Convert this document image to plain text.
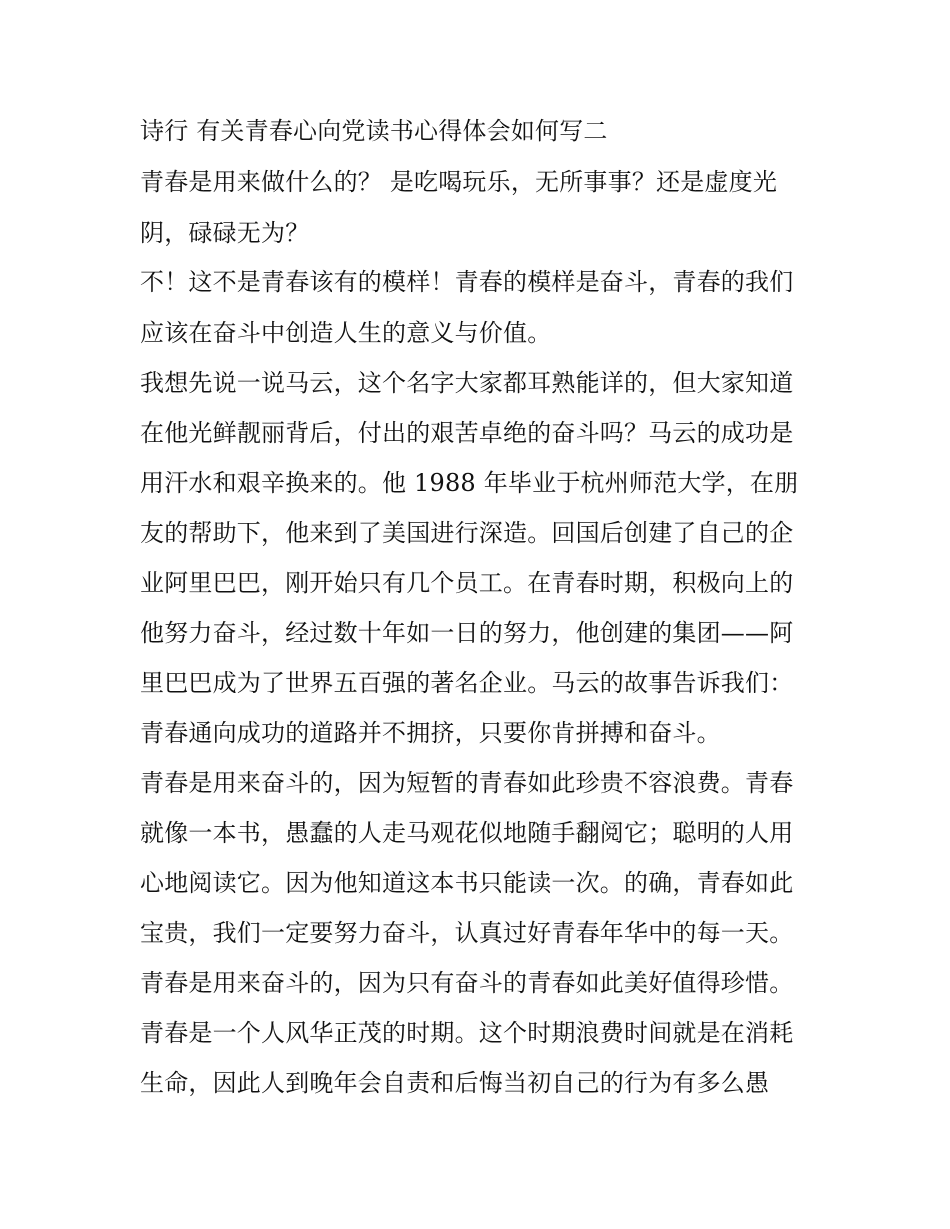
诗行 有关青春心向党读书心得体会如何写二
青春是用来做什么的？ 是吃喝玩乐，无所事事？还是虚度光
阴，碌碌无为？
不！这不是青春该有的模样！青春的模样是奋斗，青春的我们
应该在奋斗中创造人生的意义与价值。
我想先说一说马云，这个名字大家都耳熟能详的，但大家知道
在他光鲜靓丽背后，付出的艰苦卓绝的奋斗吗？马云的成功是
用汗水和艰辛换来的。他 1988 年毕业于杭州师范大学，在朋
友的帮助下，他来到了美国进行深造。回国后创建了自己的企
业阿里巴巴，刚开始只有几个员工。在青春时期，积极向上的
他努力奋斗，经过数十年如一日的努力，他创建的集团——阿
里巴巴成为了世界五百强的著名企业。马云的故事告诉我们：
青春通向成功的道路并不拥挤，只要你肯拼搏和奋斗。
青春是用来奋斗的，因为短暂的青春如此珍贵不容浪费。青春
就像一本书，愚蠢的人走马观花似地随手翻阅它；聪明的人用
心地阅读它。因为他知道这本书只能读一次。的确，青春如此
宝贵，我们一定要努力奋斗，认真过好青春年华中的每一天。
青春是用来奋斗的，因为只有奋斗的青春如此美好值得珍惜。
青春是一个人风华正茂的时期。这个时期浪费时间就是在消耗
生命，因此人到晚年会自责和后悔当初自己的行为有多么愚
